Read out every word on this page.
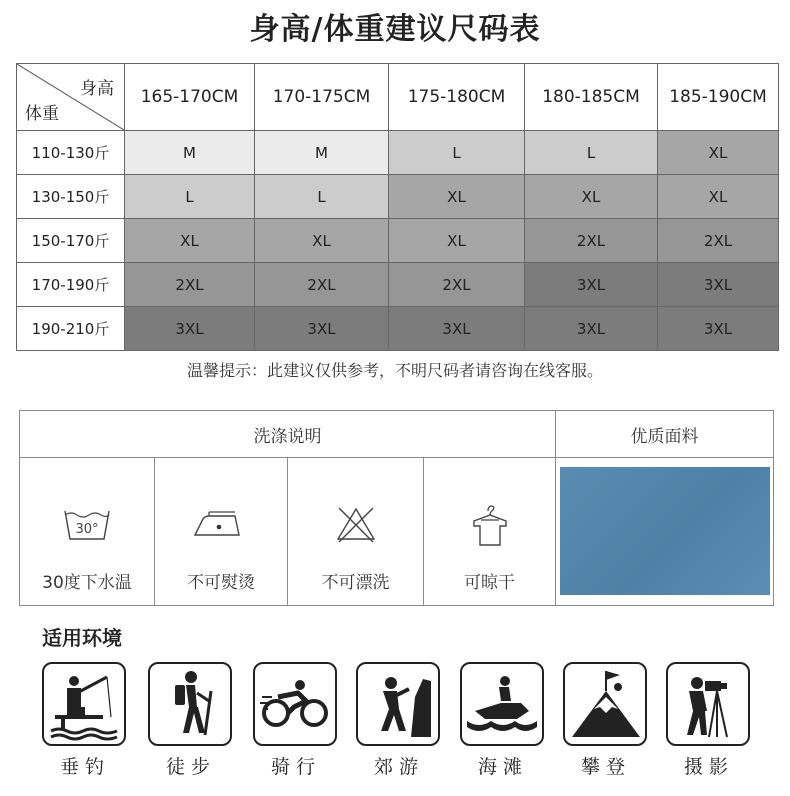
身高/体重建议尺码表
身高
体重	165-170CM	170-175CM	175-180CM	180-185CM	185-190CM
110-130斤	M	M	L	L	XL
130-150斤	L	L	XL	XL	XL
150-170斤	XL	XL	XL	2XL	2XL
170-190斤	2XL	2XL	2XL	3XL	3XL
190-210斤	3XL	3XL	3XL	3XL	3XL
温馨提示：此建议仅供参考，不明尺码者请咨询在线客服。
洗涤说明				优质面料

30°
30度下水温	不可熨烫	不可漂洗	可晾干	

适用环境
垂钓	徒步	骑行	郊游	海滩	攀登	摄影
